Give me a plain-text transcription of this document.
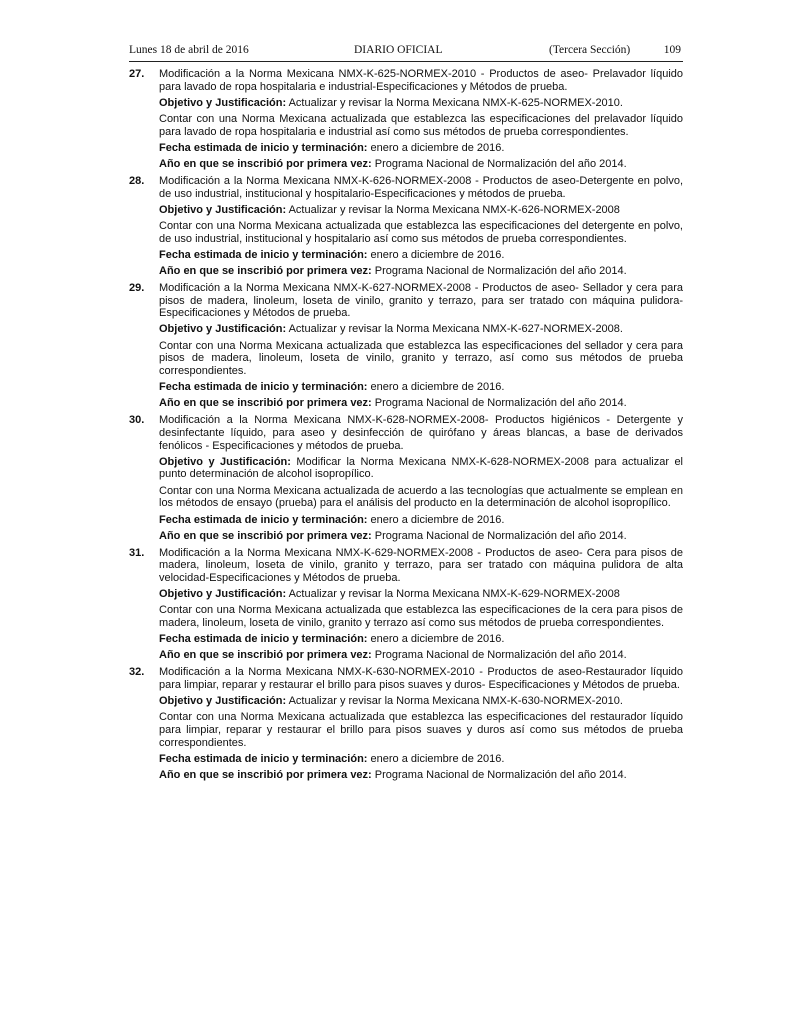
Lunes 18 de abril de 2016	DIARIO OFICIAL	(Tercera Sección)	109
27.	Modificación a la Norma Mexicana NMX-K-625-NORMEX-2010 - Productos de aseo- Prelavador líquido para lavado de ropa hospitalaria e industrial-Especificaciones y Métodos de prueba.

Objetivo y Justificación: Actualizar y revisar la Norma Mexicana NMX-K-625-NORMEX-2010.

Contar con una Norma Mexicana actualizada que establezca las especificaciones del prelavador líquido para lavado de ropa hospitalaria e industrial así como sus métodos de prueba correspondientes.

Fecha estimada de inicio y terminación: enero a diciembre de 2016.

Año en que se inscribió por primera vez: Programa Nacional de Normalización del año 2014.

28.	Modificación a la Norma Mexicana NMX-K-626-NORMEX-2008 - Productos de aseo-Detergente en polvo, de uso industrial, institucional y hospitalario-Especificaciones y métodos de prueba.

Objetivo y Justificación: Actualizar y revisar la Norma Mexicana NMX-K-626-NORMEX-2008

Contar con una Norma Mexicana actualizada que establezca las especificaciones del detergente en polvo, de uso industrial, institucional y hospitalario así como sus métodos de prueba correspondientes.

Fecha estimada de inicio y terminación: enero a diciembre de 2016.

Año en que se inscribió por primera vez: Programa Nacional de Normalización del año 2014.

29.	Modificación a la Norma Mexicana NMX-K-627-NORMEX-2008 - Productos de aseo- Sellador y cera para pisos de madera, linoleum, loseta de vinilo, granito y terrazo, para ser tratado con máquina pulidora-Especificaciones y Métodos de prueba.

Objetivo y Justificación: Actualizar y revisar la Norma Mexicana NMX-K-627-NORMEX-2008.

Contar con una Norma Mexicana actualizada que establezca las especificaciones del sellador y cera para pisos de madera, linoleum, loseta de vinilo, granito y terrazo, así como sus métodos de prueba correspondientes.

Fecha estimada de inicio y terminación: enero a diciembre de 2016.

Año en que se inscribió por primera vez: Programa Nacional de Normalización del año 2014.

30.	Modificación a la Norma Mexicana NMX-K-628-NORMEX-2008- Productos higiénicos - Detergente y desinfectante líquido, para aseo y desinfección de quirófano y áreas blancas, a base de derivados fenólicos - Especificaciones y métodos de prueba.

Objetivo y Justificación: Modificar la Norma Mexicana NMX-K-628-NORMEX-2008 para actualizar el punto determinación de alcohol isopropílico.

Contar con una Norma Mexicana actualizada de acuerdo a las tecnologías que actualmente se emplean en los métodos de ensayo (prueba) para el análisis del producto en la determinación de alcohol isopropílico.

Fecha estimada de inicio y terminación: enero a diciembre de 2016.

Año en que se inscribió por primera vez: Programa Nacional de Normalización del año 2014.

31.	Modificación a la Norma Mexicana NMX-K-629-NORMEX-2008 - Productos de aseo- Cera para pisos de madera, linoleum, loseta de vinilo, granito y terrazo, para ser tratado con máquina pulidora de alta velocidad-Especificaciones y Métodos de prueba.

Objetivo y Justificación: Actualizar y revisar la Norma Mexicana NMX-K-629-NORMEX-2008

Contar con una Norma Mexicana actualizada que establezca las especificaciones de la cera para pisos de madera, linoleum, loseta de vinilo, granito y terrazo así como sus métodos de prueba correspondientes.

Fecha estimada de inicio y terminación: enero a diciembre de 2016.

Año en que se inscribió por primera vez: Programa Nacional de Normalización del año 2014.

32.	Modificación a la Norma Mexicana NMX-K-630-NORMEX-2010 - Productos de aseo-Restaurador líquido para limpiar, reparar y restaurar el brillo para pisos suaves y duros- Especificaciones y Métodos de prueba.

Objetivo y Justificación: Actualizar y revisar la Norma Mexicana NMX-K-630-NORMEX-2010.

Contar con una Norma Mexicana actualizada que establezca las especificaciones del restaurador líquido para limpiar, reparar y restaurar el brillo para pisos suaves y duros así como sus métodos de prueba correspondientes.

Fecha estimada de inicio y terminación: enero a diciembre de 2016.

Año en que se inscribió por primera vez: Programa Nacional de Normalización del año 2014.
